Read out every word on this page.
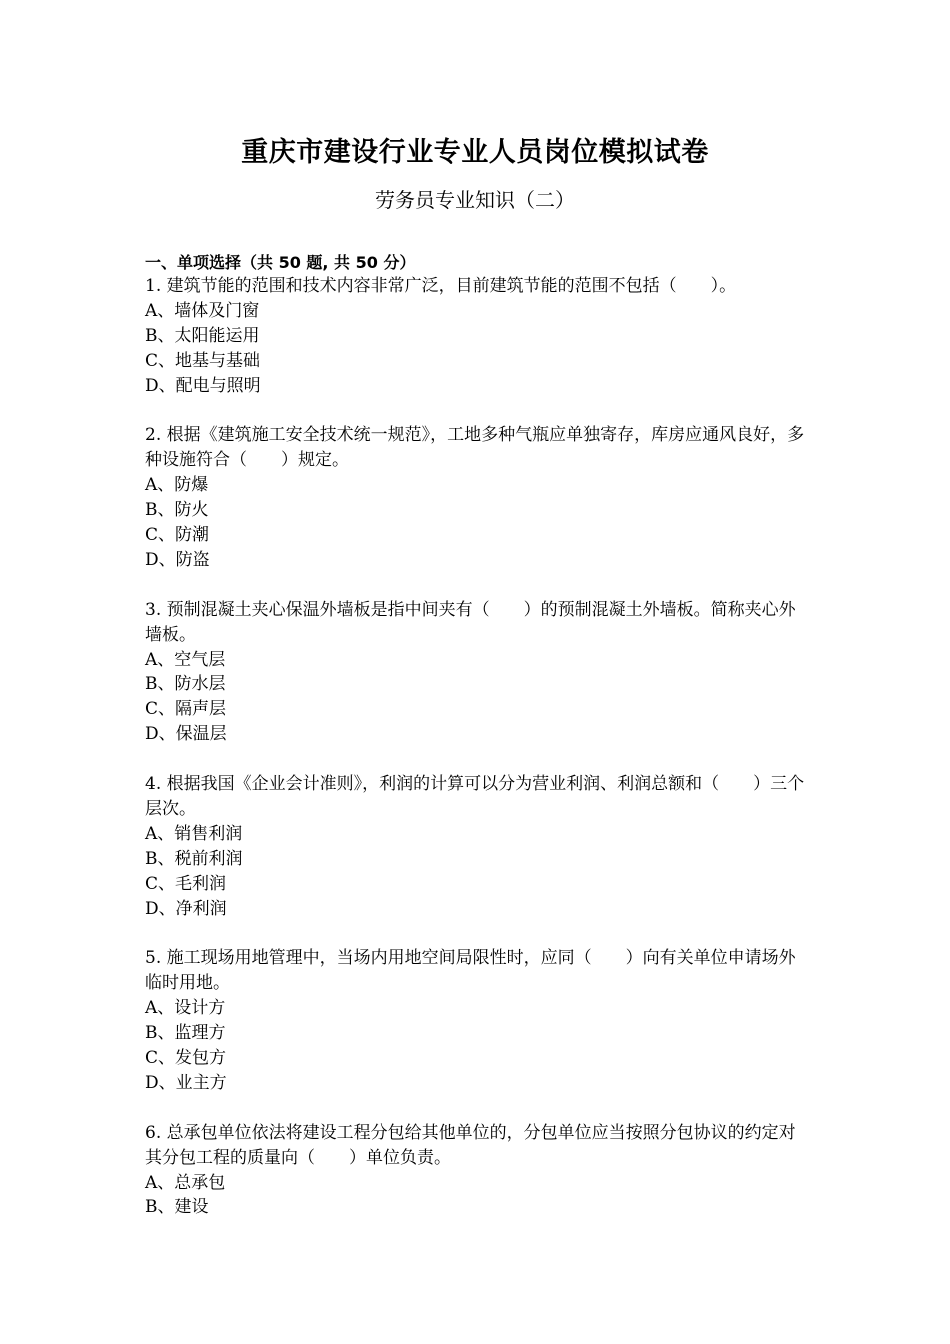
重庆市建设行业专业人员岗位模拟试卷
劳务员专业知识（二）
一、单项选择（共 50 题, 共 50 分）
1. 建筑节能的范围和技术内容非常广泛，目前建筑节能的范围不包括（　　）。
A、墙体及门窗
B、太阳能运用
C、地基与基础
D、配电与照明
2. 根据《建筑施工安全技术统一规范》，工地多种气瓶应单独寄存，库房应通风良好，多种设施符合（　　）规定。
A、防爆
B、防火
C、防潮
D、防盗
3. 预制混凝土夹心保温外墙板是指中间夹有（　　）的预制混凝土外墙板。简称夹心外墙板。
A、空气层
B、防水层
C、隔声层
D、保温层
4. 根据我国《企业会计准则》，利润的计算可以分为营业利润、利润总额和（　　）三个层次。
A、销售利润
B、税前利润
C、毛利润
D、净利润
5. 施工现场用地管理中，当场内用地空间局限性时，应同（　　）向有关单位申请场外临时用地。
A、设计方
B、监理方
C、发包方
D、业主方
6. 总承包单位依法将建设工程分包给其他单位的，分包单位应当按照分包协议的约定对其分包工程的质量向（　　）单位负责。
A、总承包
B、建设
